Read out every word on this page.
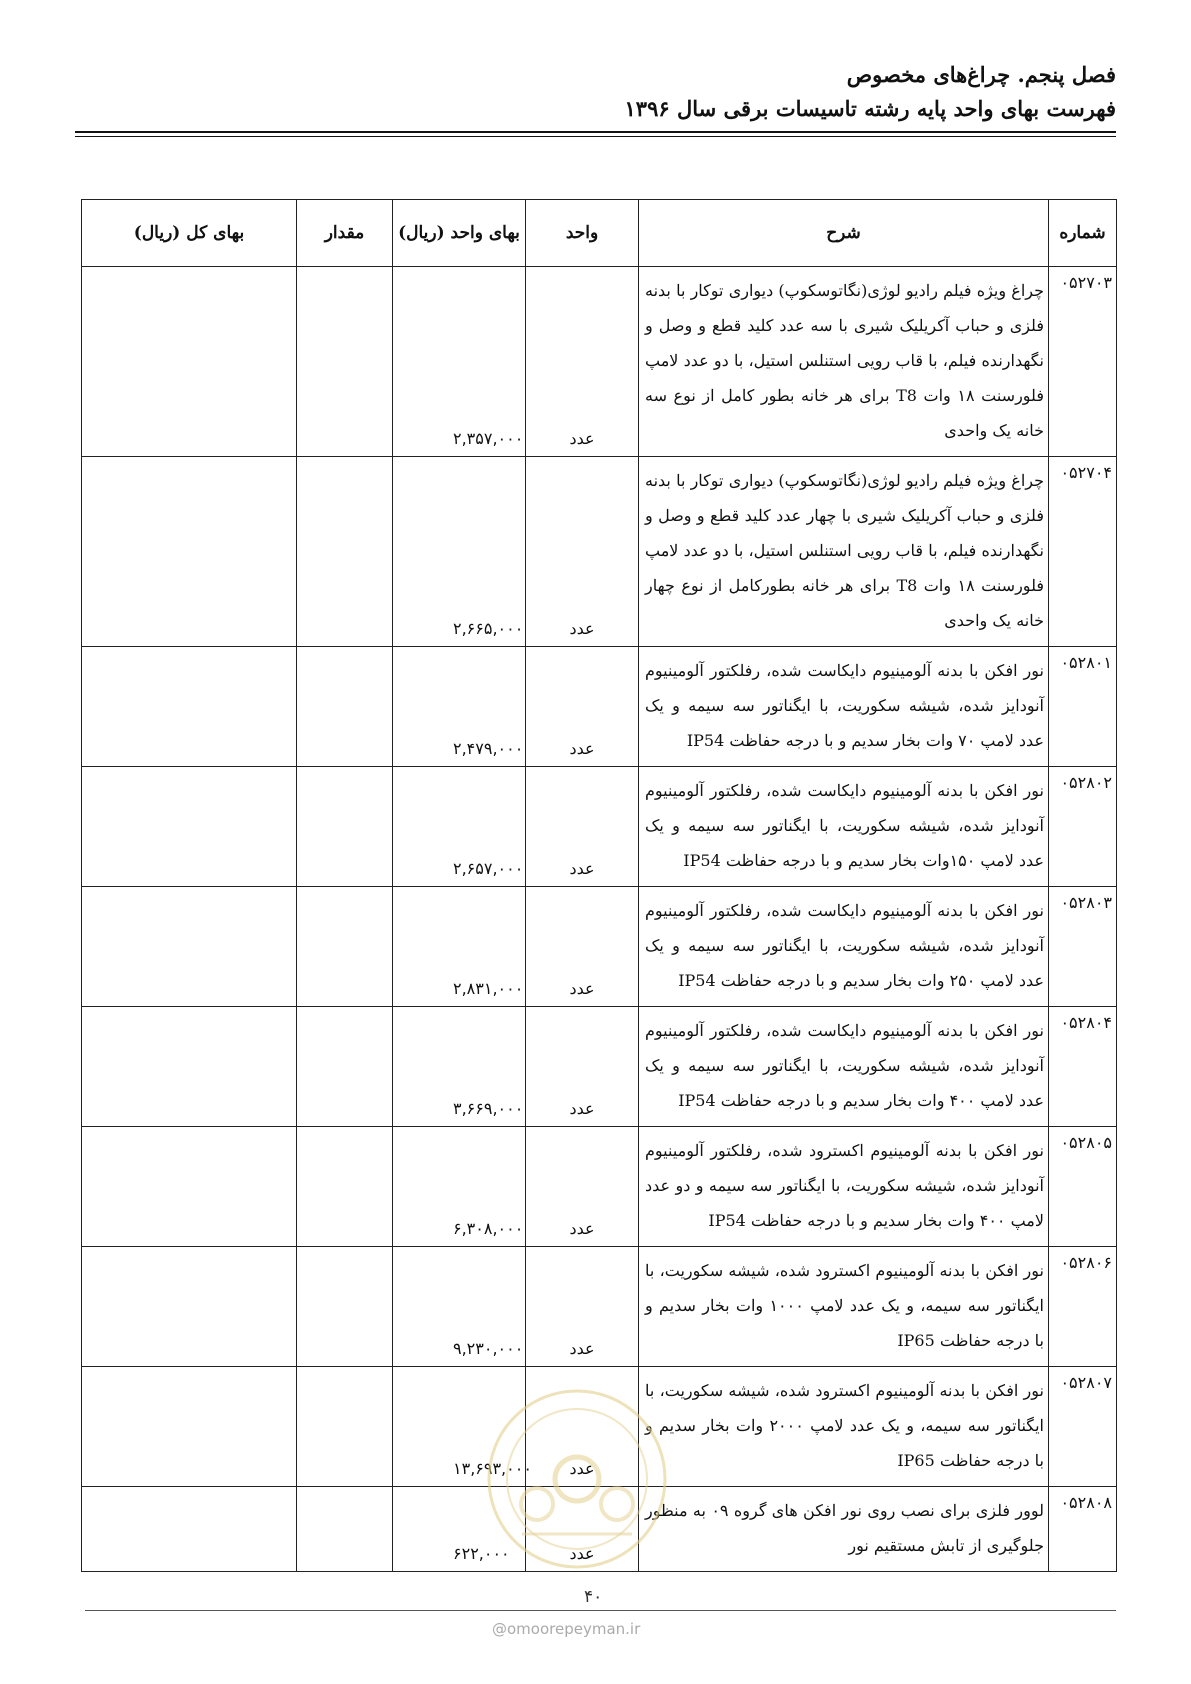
فصل پنجم. چراغ‌های مخصوص
فهرست بهای واحد پایه رشته تاسیسات برقی سال ۱۳۹۶
شماره	شرح	واحد	بهای واحد (ریال)	مقدار	بهای کل (ریال)
۰۵۲۷۰۳	چراغ ویژه فیلم رادیو لوژی(نگاتوسکوپ) دیواری توکار با بدنه فلزی و حباب آکریلیک شیری با سه عدد کلید قطع و وصل و نگهدارنده فیلم، با قاب رویی استنلس استیل، با دو عدد لامپ فلورسنت ۱۸ وات T8 برای هر خانه بطور کامل از نوع سه خانه یک واحدی	عدد	۲,۳۵۷,۰۰۰		
۰۵۲۷۰۴	چراغ ویژه فیلم رادیو لوژی(نگاتوسکوپ) دیواری توکار با بدنه فلزی و حباب آکریلیک شیری با چهار عدد کلید قطع و وصل و نگهدارنده فیلم، با قاب رویی استنلس استیل، با دو عدد لامپ فلورسنت ۱۸ وات T8 برای هر خانه بطورکامل از نوع چهار خانه یک واحدی	عدد	۲,۶۶۵,۰۰۰		
۰۵۲۸۰۱	نور افکن با بدنه آلومینیوم دایکاست شده، رفلکتور آلومینیوم آنودایز شده، شیشه سکوریت، با ایگناتور سه سیمه و یک عدد لامپ ۷۰ وات بخار سدیم و با درجه حفاظت IP54	عدد	۲,۴۷۹,۰۰۰		
۰۵۲۸۰۲	نور افکن با بدنه آلومینیوم دایکاست شده، رفلکتور آلومینیوم آنودایز شده، شیشه سکوریت، با ایگناتور سه سیمه و یک عدد لامپ ۱۵۰وات بخار سدیم و با درجه حفاظت IP54	عدد	۲,۶۵۷,۰۰۰		
۰۵۲۸۰۳	نور افکن با بدنه آلومینیوم دایکاست شده، رفلکتور آلومینیوم آنودایز شده، شیشه سکوریت، با ایگناتور سه سیمه و یک عدد لامپ ۲۵۰ وات بخار سدیم و با درجه حفاظت IP54	عدد	۲,۸۳۱,۰۰۰		
۰۵۲۸۰۴	نور افکن با بدنه آلومینیوم دایکاست شده، رفلکتور آلومینیوم آنودایز شده، شیشه سکوریت، با ایگناتور سه سیمه و یک عدد لامپ ۴۰۰ وات بخار سدیم و با درجه حفاظت IP54	عدد	۳,۶۶۹,۰۰۰		
۰۵۲۸۰۵	نور افکن با بدنه آلومینیوم اکسترود شده، رفلکتور آلومینیوم آنودایز شده، شیشه سکوریت، با ایگناتور سه سیمه و دو عدد لامپ ۴۰۰ وات بخار سدیم و با درجه حفاظت IP54	عدد	۶,۳۰۸,۰۰۰		
۰۵۲۸۰۶	نور افکن با بدنه آلومینیوم اکسترود شده، شیشه سکوریت، با ایگناتور سه سیمه، و یک عدد لامپ ۱۰۰۰ وات بخار سدیم و با درجه حفاظت IP65	عدد	۹,۲۳۰,۰۰۰		
۰۵۲۸۰۷	نور افکن با بدنه آلومینیوم اکسترود شده، شیشه سکوریت، با ایگناتور سه سیمه، و یک عدد لامپ ۲۰۰۰ وات بخار سدیم و با درجه حفاظت IP65	عدد	۱۳,۶۹۳,۰۰۰		
۰۵۲۸۰۸	لوور فلزی برای نصب روی نور افکن های گروه ۰۹ به منظور جلوگیری از تابش مستقیم نور	عدد	۶۲۲,۰۰۰		
۴۰
@omoorepeyman.ir
